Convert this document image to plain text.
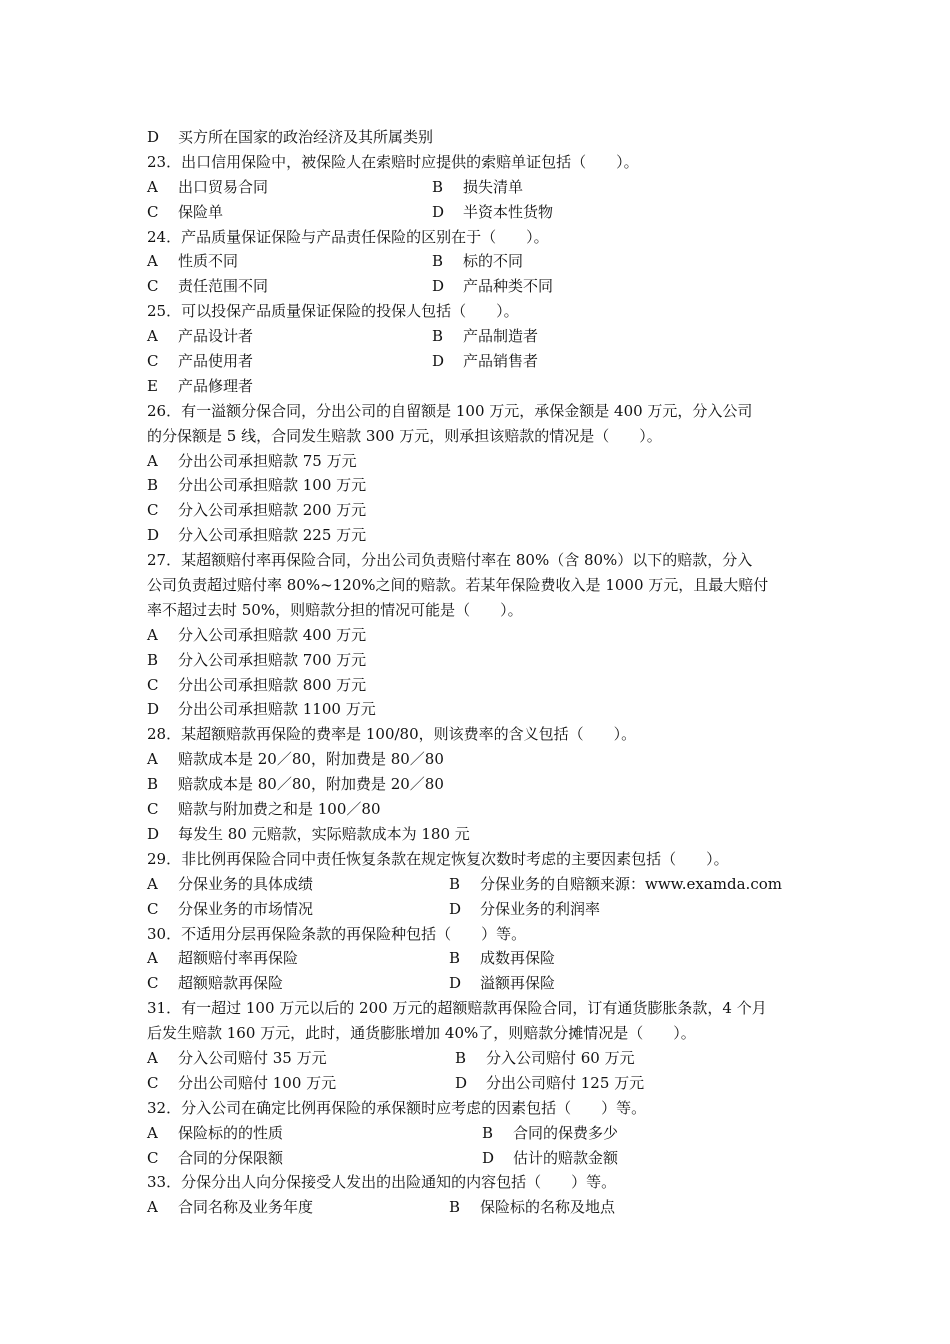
D 买方所在国家的政治经济及其所属类别
23．出口信用保险中，被保险人在索赔时应提供的索赔单证包括（　　）。
A 出口贸易合同	B 损失清单
C 保险单	D 半资本性货物
24．产品质量保证保险与产品责任保险的区别在于（　　）。
A 性质不同	B 标的不同
C 责任范围不同	D 产品种类不同
25．可以投保产品质量保证保险的投保人包括（　　）。
A 产品设计者	B 产品制造者
C 产品使用者	D 产品销售者
E 产品修理者
26．有一溢额分保合同，分出公司的自留额是 100 万元，承保金额是 400 万元，分入公司
的分保额是 5 线，合同发生赔款 300 万元，则承担该赔款的情况是（　　）。
A 分出公司承担赔款 75 万元
B 分出公司承担赔款 100 万元
C 分入公司承担赔款 200 万元
D 分入公司承担赔款 225 万元
27．某超额赔付率再保险合同，分出公司负责赔付率在 80%（含 80%）以下的赔款，分入
公司负责超过赔付率 80%~120%之间的赔款。若某年保险费收入是 1000 万元，且最大赔付
率不超过去时 50%，则赔款分担的情况可能是（　　）。
A 分入公司承担赔款 400 万元
B 分入公司承担赔款 700 万元
C 分出公司承担赔款 800 万元
D 分出公司承担赔款 1100 万元
28．某超额赔款再保险的费率是 100/80，则该费率的含义包括（　　）。
A 赔款成本是 20／80，附加费是 80／80
B 赔款成本是 80／80，附加费是 20／80
C 赔款与附加费之和是 100／80
D 每发生 80 元赔款，实际赔款成本为 180 元
29．非比例再保险合同中责任恢复条款在规定恢复次数时考虑的主要因素包括（　　）。
A 分保业务的具体成绩	B 分保业务的自赔额来源：www.examda.com
C 分保业务的市场情况	D 分保业务的利润率
30．不适用分层再保险条款的再保险种包括（　　）等。
A 超额赔付率再保险	B 成数再保险
C 超额赔款再保险	D 溢额再保险
31．有一超过 100 万元以后的 200 万元的超额赔款再保险合同，订有通货膨胀条款，4 个月
后发生赔款 160 万元，此时，通货膨胀增加 40%了，则赔款分摊情况是（　　）。
A 分入公司赔付 35 万元	B 分入公司赔付 60 万元
C 分出公司赔付 100 万元	D 分出公司赔付 125 万元
32．分入公司在确定比例再保险的承保额时应考虑的因素包括（　　）等。
A 保险标的的性质	B 合同的保费多少
C 合同的分保限额	D 估计的赔款金额
33．分保分出人向分保接受人发出的出险通知的内容包括（　　）等。
A 合同名称及业务年度	B 保险标的名称及地点
